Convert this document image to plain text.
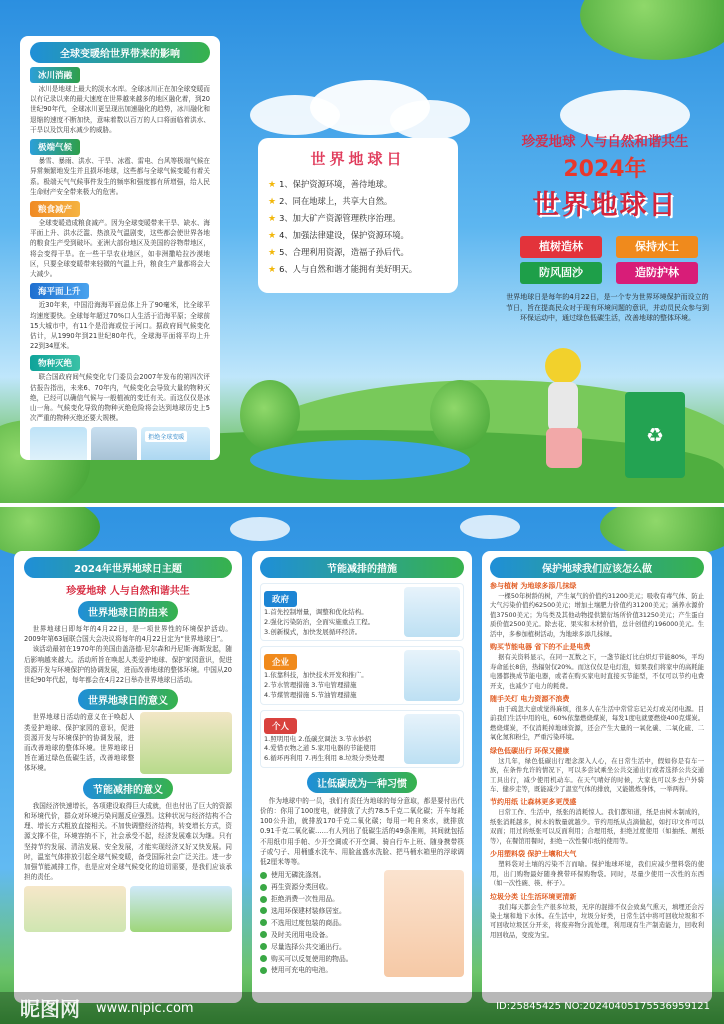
全球变暖给世界带来的影响
冰川消融

冰川是地球上最大的淡水水库。全球冰川正在加全球变暖而以有记录以来的最大速度在世界越来越多的地区融化着，到20世纪90年代，全球冰川更呈现出加速融化的趋势，冰川融化和退缩的速度不断加快，意味着数以百万的人口将面临着洪水、干旱以及饮用水减少的威胁。

极端气候

暴雪、暴雨、洪水、干旱、冰雹、雷电、台风等极端气候在异常频繁地发生并且损坏地球，这些都与全球气候变暖有着关系。极端天气气候事件发生的频率和强度都有所增强，给人民生命财产安全带来极大的危害。

粮食减产

全球变暖造成粮食减产。因为全球变暖带来干旱、缺水、海平面上升、洪水泛滥、热浪及气温剧变，这些都会使世界各地的粮食生产受到破坏。亚洲大部份地区及美国的谷物带地区，将会变得干旱。在一些干旱农业地区，如非洲撒哈拉沙漠地区，只要全球变暖带来轻微的气温上升，粮食生产量都将会大大减少。

海平面上升

近30年来，中国沿海海平面总体上升了90毫米，比全球平均速度要快。全球每年超过70%口人生活于沿海平原；全球前15大城市中，有11个是沿海或位于河口。据政府间气候变化估计，从1990年到21世纪80年代，全球海平面将平均上升22到34厘米。

物种灭绝

联合国政府间气候变化专门委员会2007年发布的第四次评估报告指出，未来6、70年内，气候变化会导致大量的物种灭绝，已经可以确信气候与一般植被的变迁有关。而这仅仅是冰山一角。气候变化导致的物种灭绝危险将会达到地球历史上5次严重的物种灭绝还要大规模。

拒绝全球变暖
世界地球日
★ 1、保护资源环境，善待地球。
★ 2、同在地球上，共享大自然。
★ 3、加大矿产资源管理秩序治理。
★ 4、加强法律建设，保护资源环境。
★ 5、合理利用资源，造福子孙后代。
★ 6、人与自然和谐才能拥有美好明天。
珍爱地球 人与自然和谐共生
2024年
世界地球日
植树造林	保持水土
防风固沙	造防护林

世界地球日是每年的4月22日，是一个专为世界环境保护而设立的节日，旨在提高民众对于现有环境问题的意识，并动员民众参与到环保运动中，通过绿色低碳生活，改善地球的整体环境。

♻
2024年世界地球日主题
珍爱地球 人与自然和谐共生
世界地球日的由来

世界地球日即每年的4月22日，是一项世界性的环境保护活动。2009年第63届联合国大会决议将每年的4月22日定为“世界地球日”。

该活动最初在1970年的美国由盖洛德·尼尔森和丹尼斯·海斯发起，随后影响越来越大。活动所旨在唤起人类爱护地球、保护家园意识，促进资源开发与环境保护的协调发展，进而改善地球的整体环境。中国从20世纪90年代起，每年都会在4月22日举办世界地球日活动。

世界地球日的意义

世界地球日活动的意义在于唤起人类爱护地球、保护家园的意识，促进资源开发与环境保护的协调发展，进而改善地球的整体环境。世界地球日旨在通过绿色低碳生活，改善地球整体环境。

节能减排的意义

我国经济快速增长，各项建设取得巨大成就，但也付出了巨大的资源和环境代价，群众对环境污染问题反应强烈。这种状况与经济结构不合理、增长方式粗放直接相关。不加快调整经济结构，转变增长方式，资源支撑不住，环境容纳不下，社会承受不起，经济发展难以为继。只有坚持节约发展、清洁发展、安全发展，才能实现经济又好又快发展。同时，温室气体排放引起全球气候变暖，备受国际社会广泛关注。进一步加强节能减排工作，也是应对全球气候变化的迫切需要，是我们应该承担的责任。

节能减排的措施
政府
1.首先控制增量，调整和优化结构。
2.强化污染防治，全面实施重点工程。
3.创新模式，加快发展循环经济。
企业
1.依靠科技，加快技术开发和推广。
2.节水管理措施 3.节电管理措施
4.节煤管理措施 5.节油管理措施
个人
1.照明用电 2.低碳烹调法 3.节水妙招
4.爱惜衣物之道 5.家用电器的节能使用
6.循环再利用 7.再生利用 8.垃圾分类处理
让低碳成为一种习惯

作为地球中的一员，我们有责任为地球的每分意取，都是要付出代价的：你用了100度电，就排放了大约78.5千克二氧化碳；开车每耗100公升油，就排放170千克二氧化碳；每用一吨自来水，就排放0.91千克二氧化碳……有人列出了低碳生活的49条准则，其间就包括不用纸巾用手帕、少开空调或不开空调、骑自行车上班、随身携带筷子或勺子、用桶盛水洗车、用脸盆盛水洗脸、把马桶水箱里的浮球调低2厘米等等。

使用无磷洗涤剂。
再生资源分类回收。
拒绝消费一次性用品。
选用环保建材装修居室。
不选用过度包装的商品。
及时关闭用电设备。
尽量选择公共交通出行。
购买可以反复使用的物品。
使用可充电的电池。
保护地球我们应该怎么做
参与植树 为地球多添几抹绿

一棵50年树龄的树，产生氧气的价值约31200美元；吸收有毒气体、防止大气污染价值约62500美元；增加土壤肥力价值约31200美元；涵养水源价值37500美元；为鸟类及其他动物提供繁衍场所价值31250美元；产生蛋白质价值2500美元。除去花、果实和木材价值，总计创值约196000美元。生活中，多参加植树活动，为地球多添几抹绿。

购买节能电器 省下的不止是电费

据有关资料显示，在同一瓦数之下，一盏节能灯比白炽灯节能80%，平均寿命延长8倍，热辐射仅20%。而这仅仅是电灯泡，如果我们将家中的高耗能电器都换成节能电器，或者在购买家电时直接买节能型，不仅可以节约电费开支，也减少了电力的耗费。

随手关灯 电力资源不浪费

由于疏忽大意或觉得麻烦，很多人在生活中常常忘记关灯或关闭电源。目前我们生活中用的电，60%依靠燃烧煤炭，每发1度电就要燃烧400克煤炭。燃烧煤炭，不仅消耗掉地球资源，还会产生大量的一氧化碳、二氧化硫、二氧化氮和粉尘，严重污染环境。

绿色低碳出行 环保又健康

这几年，绿色低碳出行理念深入人心，在日常生活中，假如你是有车一族，在条件允许的情况下，可以多尝试乘坐公共交通出行或者选择公共交通工具出行，减少使用机动车。在天气晴好的时候，大家也可以多去户外骑车、健步走等，既能减少了温室气体的排放，又能锻炼身体，一举两得。

节约用纸 让森林更多更茂盛

日常工作、生活中，纸张的消耗惊人。我们都知道，纸是由树木制成的，纸张消耗越多，树木的数量就越少。节约用纸从点滴做起，如打印文件可以双面；用过的纸张可以反面利用；合理用纸，拒绝过度使用（如抽纸、厕纸等），在餐馆用餐时，拒绝一次性餐巾纸的使用等。

少用塑料袋 保护土壤和大气

塑料袋对土壤的污染不言而喻。保护地球环境，我们应减少塑料袋的使用，出门购物最好随身携带环保购物袋。同时，尽量少使用一次性的东西（如一次性碗、筷、杯子）。

垃圾分类 让生活环境更清新

我们每天都会生产很多垃圾，无序的混排不仅会致臭气熏天，填埋还会污染土壤和地下水体。在生活中，垃圾分好类，日常生活中将可回收垃圾和不可回收垃圾区分开来，将废弃物分流处理，利用现有生产制造能力，回收利用回收品，变废为宝。

昵图网 www.nipic.com	ID:25845425 NO:20240405175536959121
